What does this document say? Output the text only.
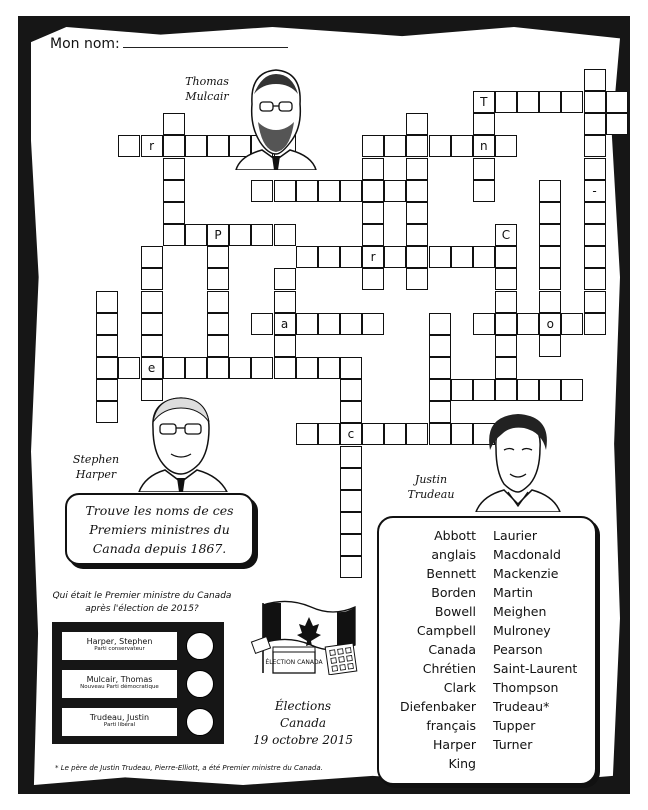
Mon nom:
r	n
T
P
r
a	o
e
c
-
C
Thomas
Mulcair
Stephen
Harper	Justin
Trudeau
Trouve les noms de ces Premiers ministres du Canada depuis 1867.
Qui était le Premier ministre du Canada après l'élection de 2015?
Harper, Stephen
Parti conservateur
Mulcair, Thomas
Nouveau Parti démocratique
Trudeau, Justin
Parti libéral
ÉLECTION CANADA
Élections
Canada
19 octobre 2015
* Le père de Justin Trudeau, Pierre-Elliott, a été Premier ministre du Canada.
Abbott
anglais
Bennett
Borden
Bowell
Campbell
Canada
Chrétien
Clark
Diefenbaker
français
Harper
King
Laurier
Macdonald
Mackenzie
Martin
Meighen
Mulroney
Pearson
Saint-Laurent
Thompson
Trudeau*
Tupper
Turner
